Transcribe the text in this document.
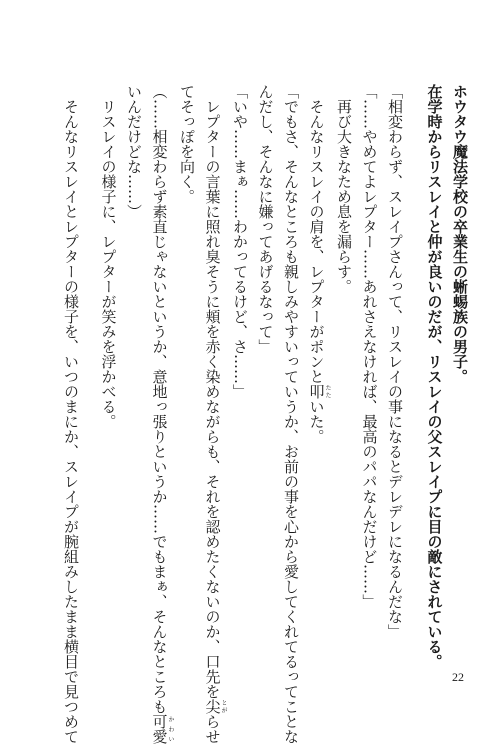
ホウタウ魔法学校の卒業生の蜥蜴族の男子。
在学時からリスレイと仲が良いのだが、リスレイの父スレイプに目の敵にされている。
「相変わらず、スレイプさんって、リスレイの事になるとデレデレになるんだな」
「……やめてよレプター……あれさえなければ、最高のパパなんだけど……」
　再び大きなため息を漏らす。
　そんなリスレイの肩を、レプターがポンと叩たたいた。
「でもさ、そんなところも親しみやすいっていうか、お前の事を心から愛してくれてるってことな
んだし、そんなに嫌ってあげるなって」
「いや……まぁ……わかってるけど、さ……」
　レプターの言葉に照れ臭そうに頬を赤く染めながらも、それを認めたくないのか、口先を尖とがらせ
てそっぽを向く。
（……相変わらず素直じゃないというか、意地っ張りというか……でもまぁ、そんなところも可愛かわい
いんだけどな……）
　リスレイの様子に、レプターが笑みを浮かべる。
　そんなリスレイとレプターの様子を、いつのまにか、スレイプが腕組みしたまま横目で見つめて	22
